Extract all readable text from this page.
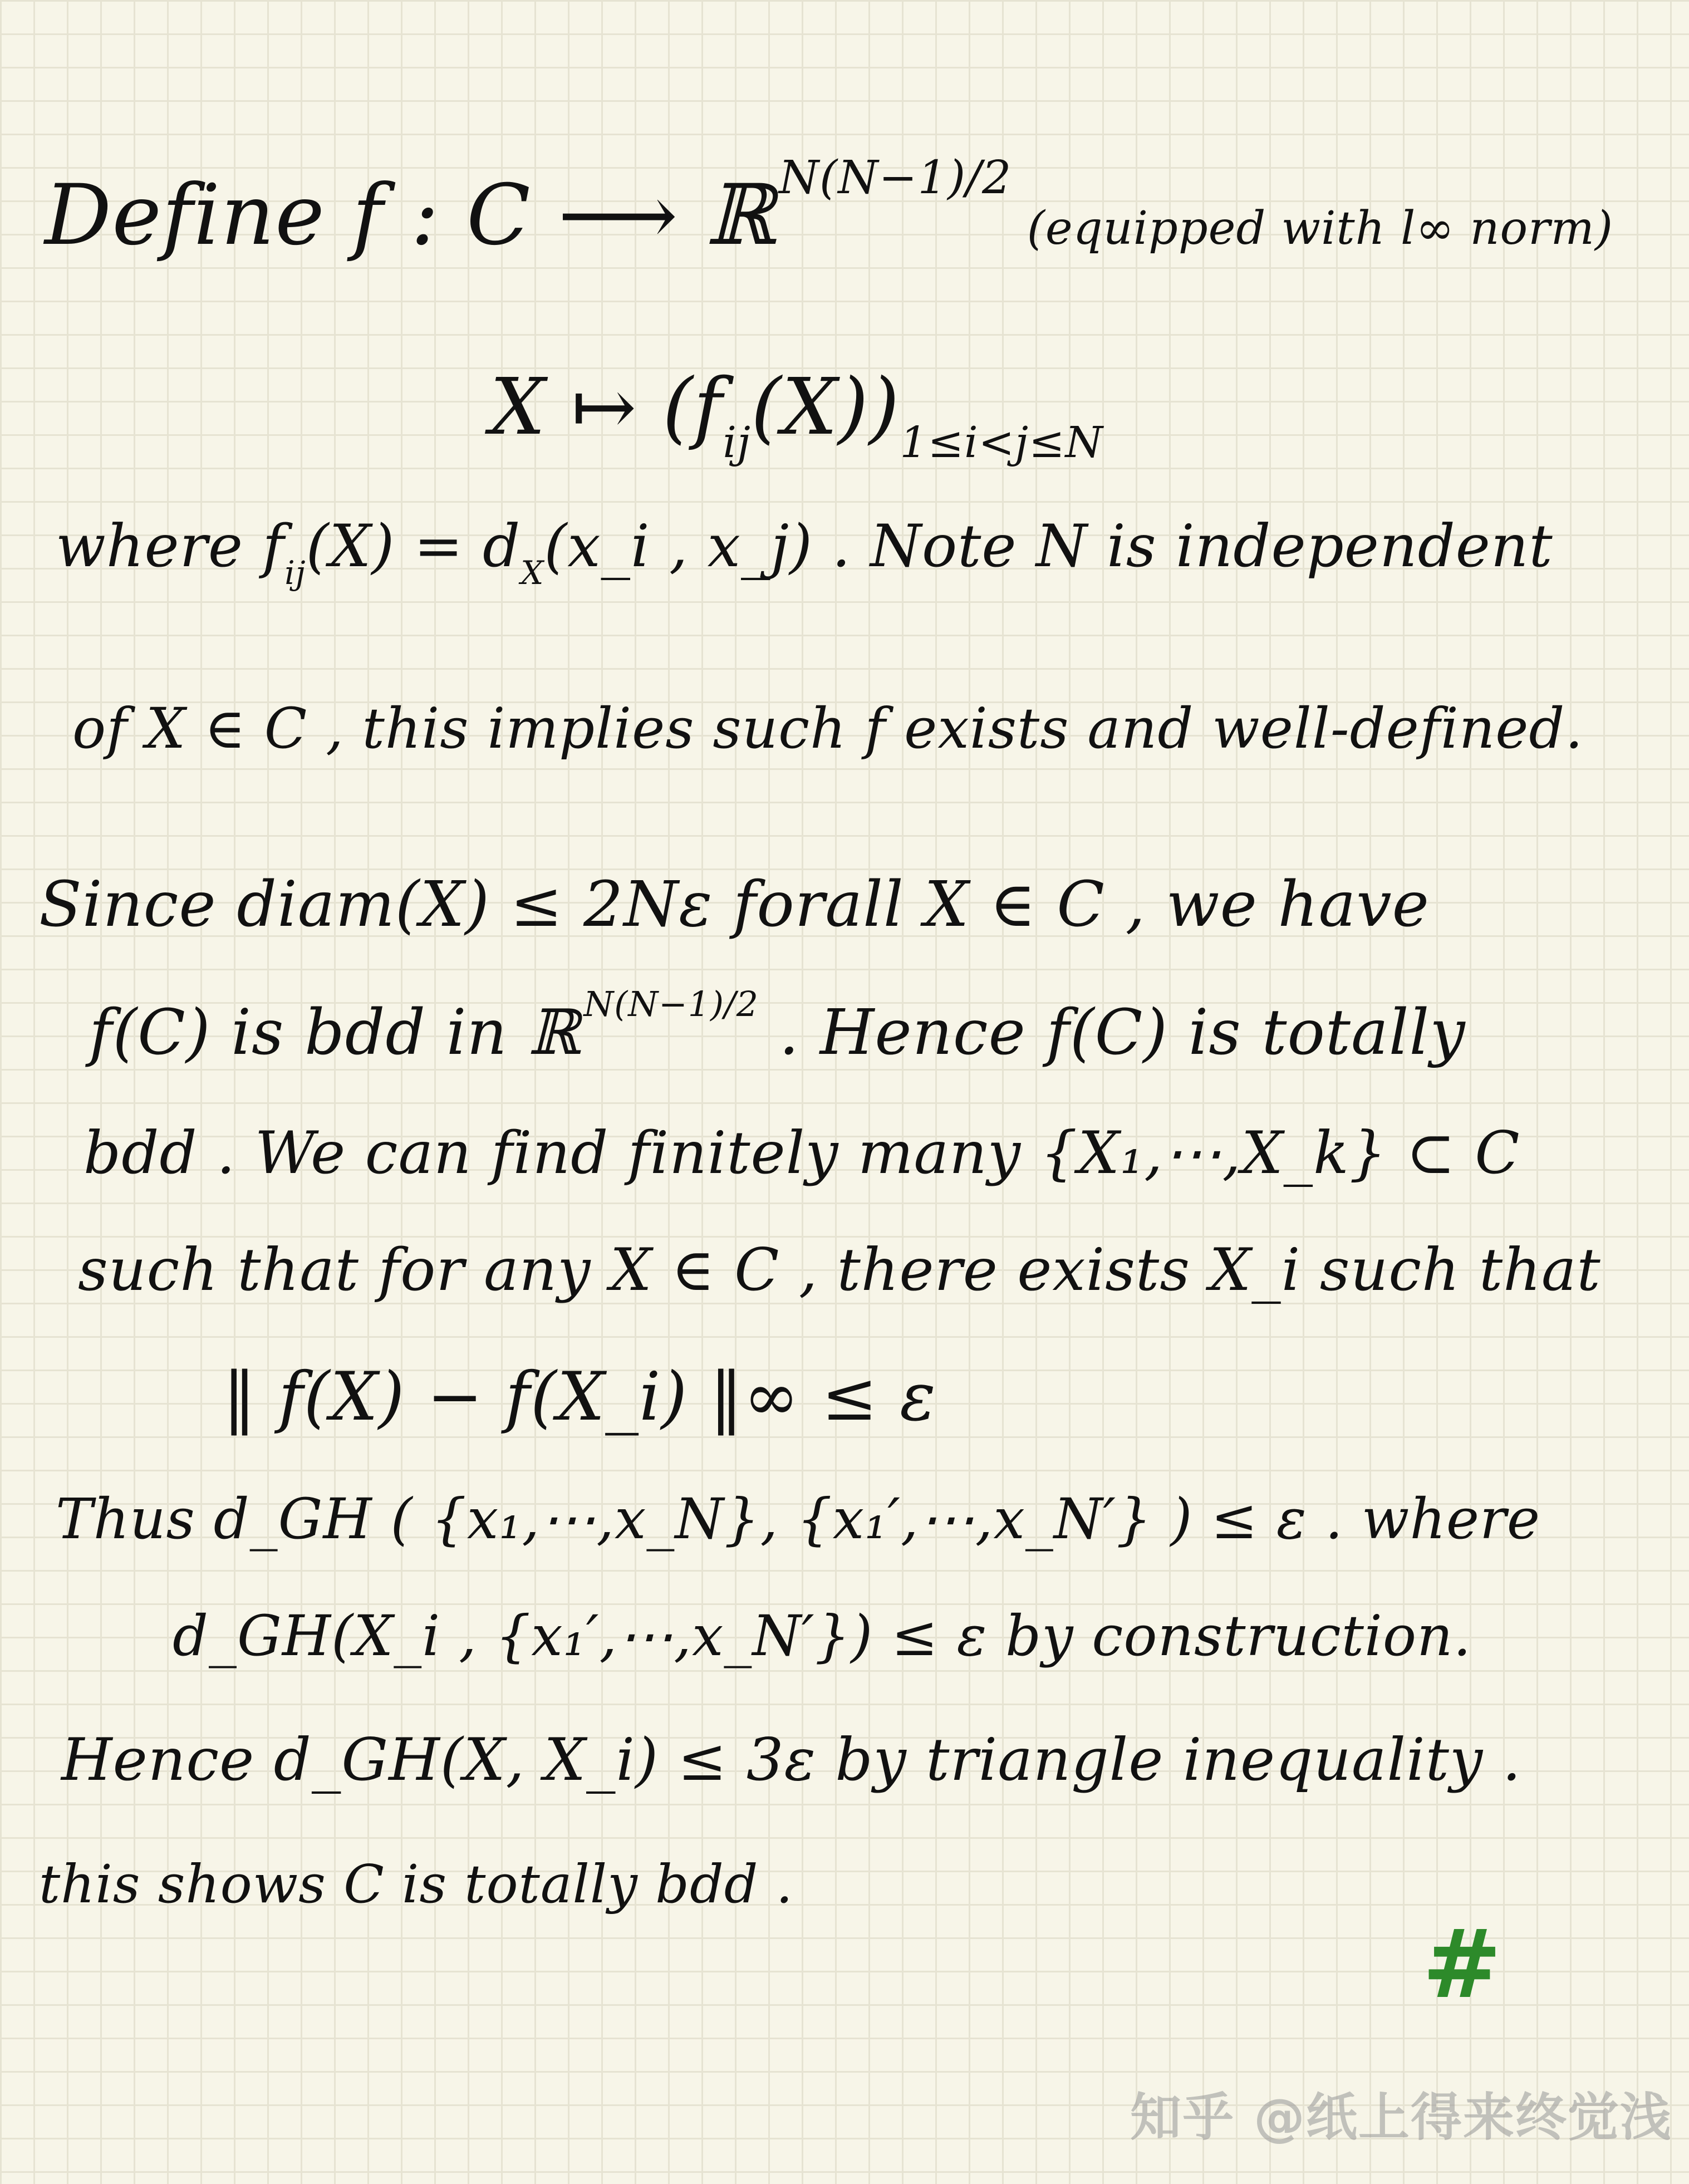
Define f : C ⟶ ℝ$^{N(N-1)/2}$ (equipped with l∞ norm)
X ↦ $(f_{ij}(X))_{1\le i<j\le N}$
where $f_{ij}(X)$ = $d_X(x\_i$ , x_j) . Note N is independent
of X ∈ C , this implies such f exists and well-defined.
Since diam(X) ≤ 2Nε forall X ∈ C , we have
f(C) is bdd in ℝ$^{N(N-1)/2}$ . Hence f(C) is totally
bdd . We can find finitely many {X₁,⋯,X_k} ⊂ C
such that for any X ∈ C , there exists X_i such that
‖ f(X) − f(X_i) ‖∞ ≤ ε
Thus d_GH ( {x₁,⋯,x_N}, {x₁′,⋯,x_N′} ) ≤ ε . where
d_GH(X_i , {x₁′,⋯,x_N′}) ≤ ε by construction.
Hence d_GH(X, X_i) ≤ 3ε by triangle inequality .
this shows C is totally bdd .
#
知乎 @纸上得来终觉浅
